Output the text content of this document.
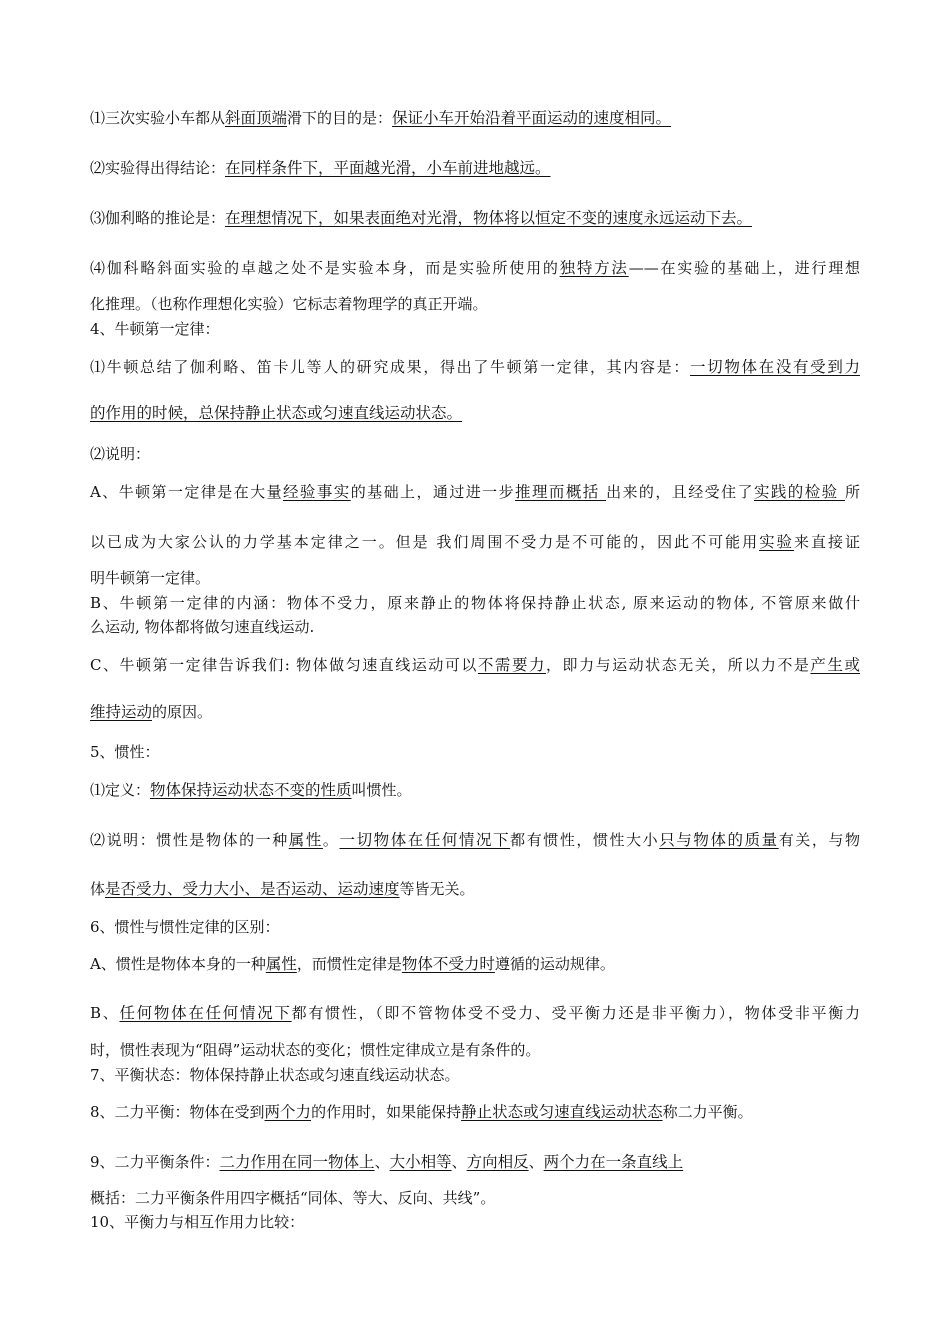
⑴三次实验小车都从斜面顶端滑下的目的是：保证小车开始沿着平面运动的速度相同。
⑵实验得出得结论：在同样条件下，平面越光滑，小车前进地越远。
⑶伽利略的推论是：在理想情况下，如果表面绝对光滑，物体将以恒定不变的速度永远运动下去。
⑷伽科略斜面实验的卓越之处不是实验本身，而是实验所使用的独特方法——在实验的基础上，进行理想
化推理。（也称作理想化实验）它标志着物理学的真正开端。
4、牛顿第一定律：
⑴牛顿总结了伽利略、笛卡儿等人的研究成果，得出了牛顿第一定律，其内容是：一切物体在没有受到力
的作用的时候，总保持静止状态或匀速直线运动状态。
⑵说明：
A、牛顿第一定律是在大量经验事实的基础上，通过进一步推理而概括 出来的，且经受住了实践的检验 所
以已成为大家公认的力学基本定律之一。但是 我们周围不受力是不可能的，因此不可能用实验来直接证
明牛顿第一定律。
B、牛顿第一定律的内涵：物体不受力，原来静止的物体将保持静止状态, 原来运动的物体, 不管原来做什
么运动, 物体都将做匀速直线运动.
C、牛顿第一定律告诉我们: 物体做匀速直线运动可以不需要力，即力与运动状态无关，所以力不是产生或
维持运动的原因。
5、惯性：
⑴定义：物体保持运动状态不变的性质叫惯性。
⑵说明：惯性是物体的一种属性。一切物体在任何情况下都有惯性，惯性大小只与物体的质量有关，与物
体是否受力、受力大小、是否运动、运动速度等皆无关。
6、惯性与惯性定律的区别：
A、惯性是物体本身的一种属性，而惯性定律是物体不受力时遵循的运动规律。
B、任何物体在任何情况下都有惯性，（即不管物体受不受力、受平衡力还是非平衡力），物体受非平衡力
时，惯性表现为“阻碍”运动状态的变化；惯性定律成立是有条件的。
7、平衡状态：物体保持静止状态或匀速直线运动状态。
8、二力平衡：物体在受到两个力的作用时，如果能保持静止状态或匀速直线运动状态称二力平衡。
9、二力平衡条件：二力作用在同一物体上、大小相等、方向相反、两个力在一条直线上
概括：二力平衡条件用四字概括“同体、等大、反向、共线”。
10、平衡力与相互作用力比较：
